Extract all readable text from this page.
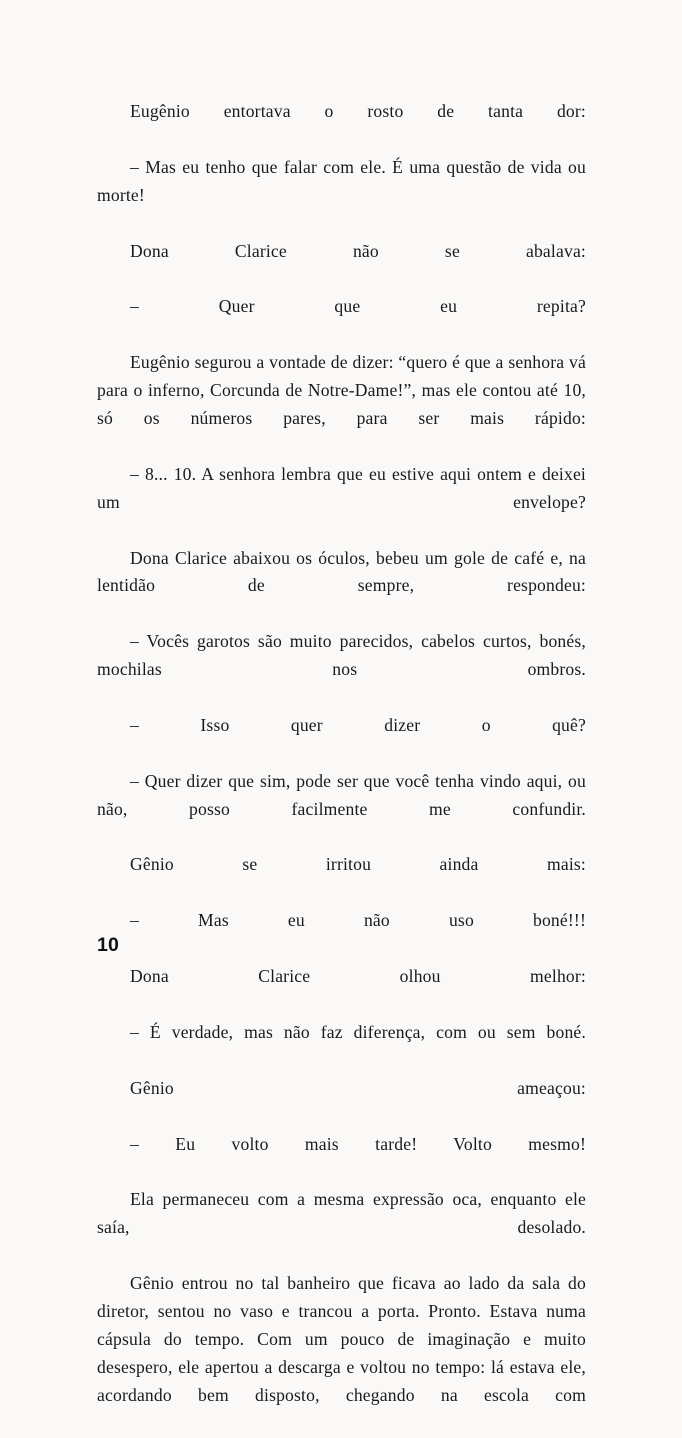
Eugênio entortava o rosto de tanta dor:

– Mas eu tenho que falar com ele. É uma questão de vida ou morte!

Dona Clarice não se abalava:

– Quer que eu repita?

Eugênio segurou a vontade de dizer: “quero é que a senhora vá para o inferno, Corcunda de Notre-Dame!”, mas ele contou até 10, só os números pares, para ser mais rápido:

– 8... 10. A senhora lembra que eu estive aqui ontem e deixei um envelope?

Dona Clarice abaixou os óculos, bebeu um gole de café e, na lentidão de sempre, respondeu:

– Vocês garotos são muito parecidos, cabelos curtos, bonés, mochilas nos ombros.

– Isso quer dizer o quê?

– Quer dizer que sim, pode ser que você tenha vindo aqui, ou não, posso facilmente me confundir.

Gênio se irritou ainda mais:

– Mas eu não uso boné!!!

Dona Clarice olhou melhor:

– É verdade, mas não faz diferença, com ou sem boné.

Gênio ameaçou:

– Eu volto mais tarde! Volto mesmo!

Ela permaneceu com a mesma expressão oca, enquanto ele saía, desolado.

Gênio entrou no tal banheiro que ficava ao lado da sala do diretor, sentou no vaso e trancou a porta. Pronto. Estava numa cápsula do tempo. Com um pouco de imaginação e muito desespero, ele apertou a descarga e voltou no tempo: lá estava ele, acordando bem disposto, chegando na escola com

10
